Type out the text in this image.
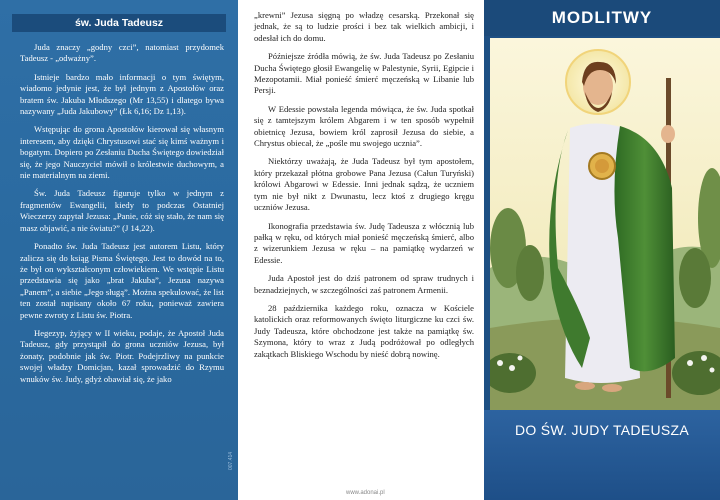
św. Juda Tadeusz

Juda znaczy „godny czci”, natomiast przydomek Tadeusz - „odważny”.

Istnieje bardzo mało informacji o tym świętym, wiadomo jedynie jest, że był jednym z Apostołów oraz bratem św. Jakuba Młodszego (Mr 13,55) i dlatego bywa nazywany „Juda Jakubowy” (Łk 6,16; Dz 1,13).

Wstępując do grona Apostołów kierował się własnym interesem, aby dzięki Chrystusowi stać się kimś ważnym i bogatym. Dopiero po Zesłaniu Ducha Świętego dowiedział się, że jego Nauczyciel mówił o królestwie duchowym, a nie materialnym na ziemi.

Św. Juda Tadeusz figuruje tylko w jednym z fragmentów Ewangelii, kiedy to podczas Ostatniej Wieczerzy zapytał Jezusa: „Panie, cóż się stało, że nam się masz objawić, a nie światu?” (J 14,22).

Ponadto św. Juda Tadeusz jest autorem Listu, który zalicza się do ksiąg Pisma Świętego. Jest to dowód na to, że był on wykształconym człowiekiem. We wstępie Listu przedstawia się jako „brat Jakuba”, Jezusa nazywa „Panem”, a siebie „Jego sługą”. Można spekulować, że list ten został napisany około 67 roku, ponieważ zawiera pewne zwroty z Listu św. Piotra.

Hegezyp, żyjący w II wieku, podaje, że Apostoł Juda Tadeusz, gdy przystąpił do grona uczniów Jezusa, był żonaty, podobnie jak św. Piotr. Podejrzliwy na punkcie swojej władzy Domicjan, kazał sprowadzić do Rzymu wnuków św. Judy, gdyż obawiał się, że jako

007.414

„krewni” Jezusa sięgną po władzę cesarską. Przekonał się jednak, że są to ludzie prości i bez tak wielkich ambicji, i odesłał ich do domu.

Późniejsze źródła mówią, że św. Juda Tadeusz po Zesłaniu Ducha Świętego głosił Ewangelię w Palestynie, Syrii, Egipcie i Mezopotamii. Miał ponieść śmierć męczeńską w Libanie lub Persji.

W Edessie powstała legenda mówiąca, że św. Juda spotkał się z tamtejszym królem Abgarem i w ten sposób wypełnił obietnicę Jezusa, bowiem król zaprosił Jezusa do siebie, a Chrystus obiecał, że „pośle mu swojego ucznia”.

Niektórzy uważają, że Juda Tadeusz był tym apostołem, który przekazał płótna grobowe Pana Jezusa (Całun Turyński) królowi Abgarowi w Edessie. Inni jednak sądzą, że uczniem tym nie był nikt z Dwunastu, lecz ktoś z drugiego kręgu uczniów Jezusa.

Ikonografia przedstawia św. Judę Tadeusza z włócznią lub pałką w ręku, od których miał ponieść męczeńską śmierć, albo z wizerunkiem Jezusa w ręku – na pamiątkę wydarzeń w Edessie.

Juda Apostoł jest do dziś patronem od spraw trudnych i beznadziejnych, w szczególności zaś patronem Armenii.

28 października każdego roku, oznacza w Kościele katolickich oraz reformowanych święto liturgiczne ku czci św. Judy Tadeusza, które obchodzone jest także na pamiątkę św. Szymona, który to wraz z Judą podróżował po odległych zakątkach Bliskiego Wschodu by nieść dobrą nowinę.

www.adonai.pl
MODLITWY
DO ŚW. JUDY TADEUSZA
